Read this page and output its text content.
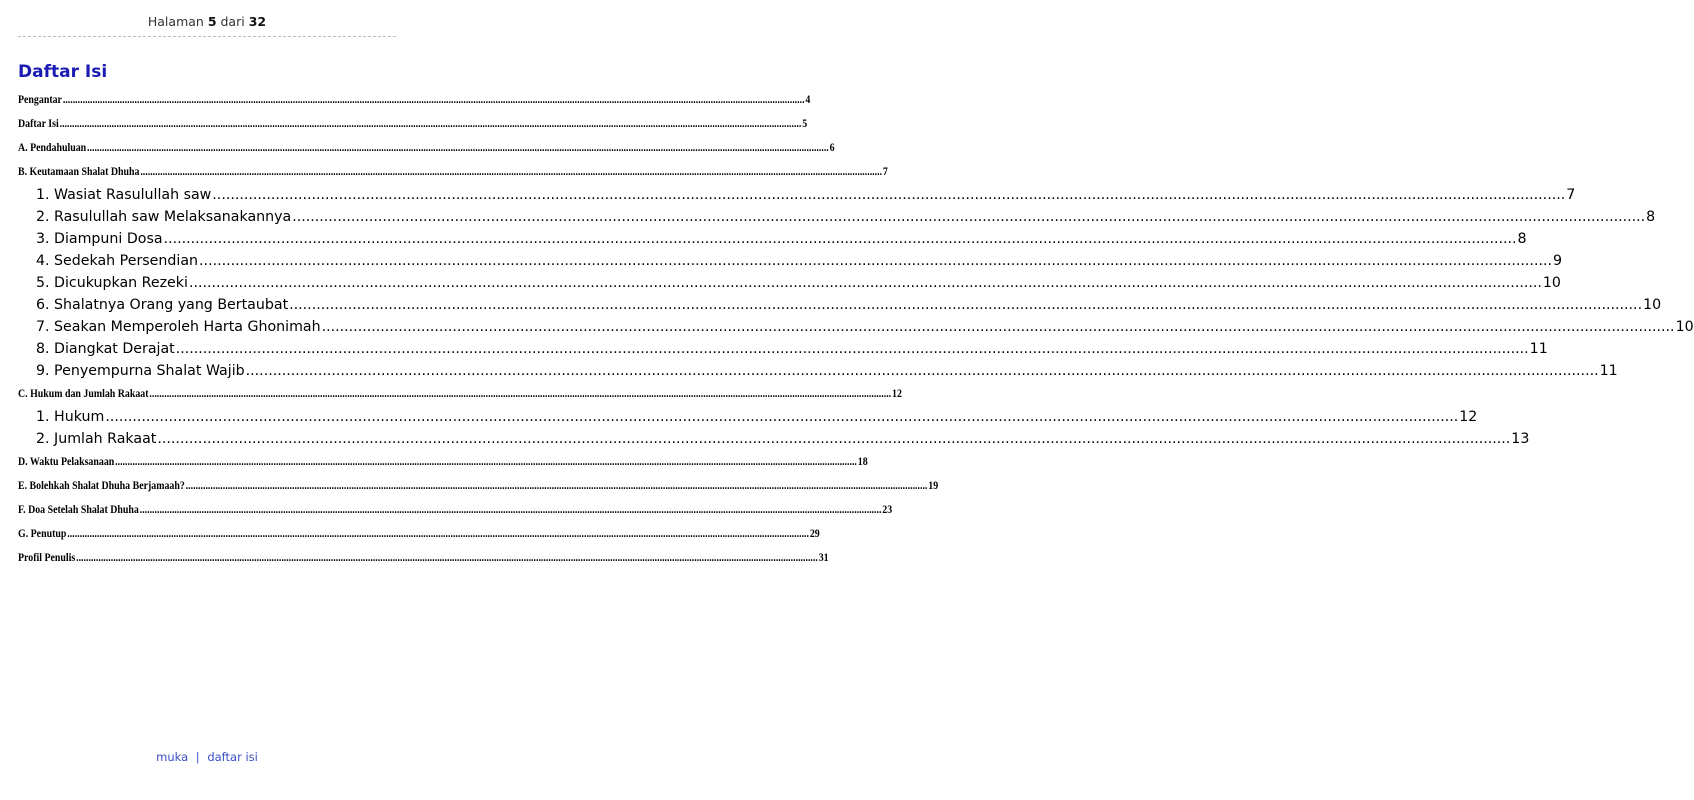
Halaman 5 dari 32
Daftar Isi
Pengantar ............................................................................................................................................................................................................................................................................................................ 4
Daftar Isi ............................................................................................................................................................................................................................................................................................................ 5
A. Pendahuluan ............................................................................................................................................................................................................................................................................................................ 6
B. Keutamaan Shalat Dhuha ............................................................................................................................................................................................................................................................................................................ 7
1. Wasiat Rasulullah saw ............................................................................................................................................................................................................................................................................................................ 7
2. Rasulullah saw Melaksanakannya ............................................................................................................................................................................................................................................................................................................ 8
3. Diampuni Dosa ............................................................................................................................................................................................................................................................................................................ 8
4. Sedekah Persendian ............................................................................................................................................................................................................................................................................................................ 9
5. Dicukupkan Rezeki ............................................................................................................................................................................................................................................................................................................ 10
6. Shalatnya Orang yang Bertaubat ............................................................................................................................................................................................................................................................................................................ 10
7. Seakan Memperoleh Harta Ghonimah ............................................................................................................................................................................................................................................................................................................ 10
8. Diangkat Derajat ............................................................................................................................................................................................................................................................................................................ 11
9. Penyempurna Shalat Wajib ............................................................................................................................................................................................................................................................................................................ 11
C. Hukum dan Jumlah Rakaat ............................................................................................................................................................................................................................................................................................................ 12
1. Hukum ............................................................................................................................................................................................................................................................................................................ 12
2. Jumlah Rakaat ............................................................................................................................................................................................................................................................................................................ 13
D. Waktu Pelaksanaan ............................................................................................................................................................................................................................................................................................................ 18
E. Bolehkah Shalat Dhuha Berjamaah? ............................................................................................................................................................................................................................................................................................................ 19
F. Doa Setelah Shalat Dhuha ............................................................................................................................................................................................................................................................................................................ 23
G. Penutup ............................................................................................................................................................................................................................................................................................................ 29
Profil Penulis ............................................................................................................................................................................................................................................................................................................ 31
muka | daftar isi
